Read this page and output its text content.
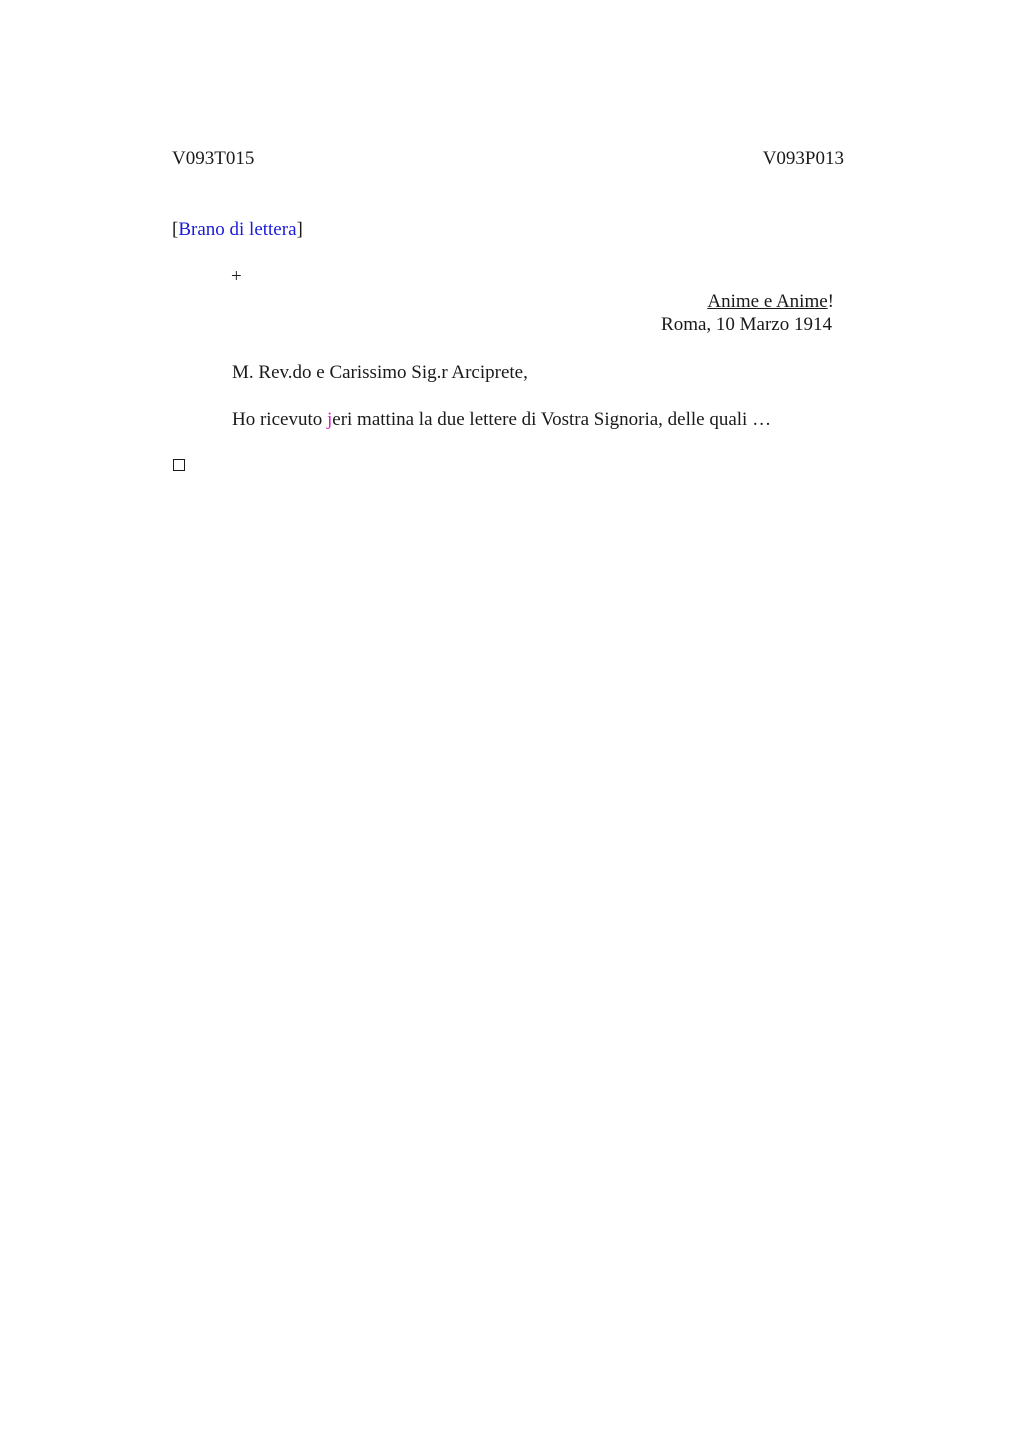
V093T015	V093P013
[Brano di lettera]
+
Anime e Anime!
Roma, 10 Marzo 1914
M. Rev.do e Carissimo Sig.r Arciprete,
Ho ricevuto jeri mattina la due lettere di Vostra Signoria, delle quali …
